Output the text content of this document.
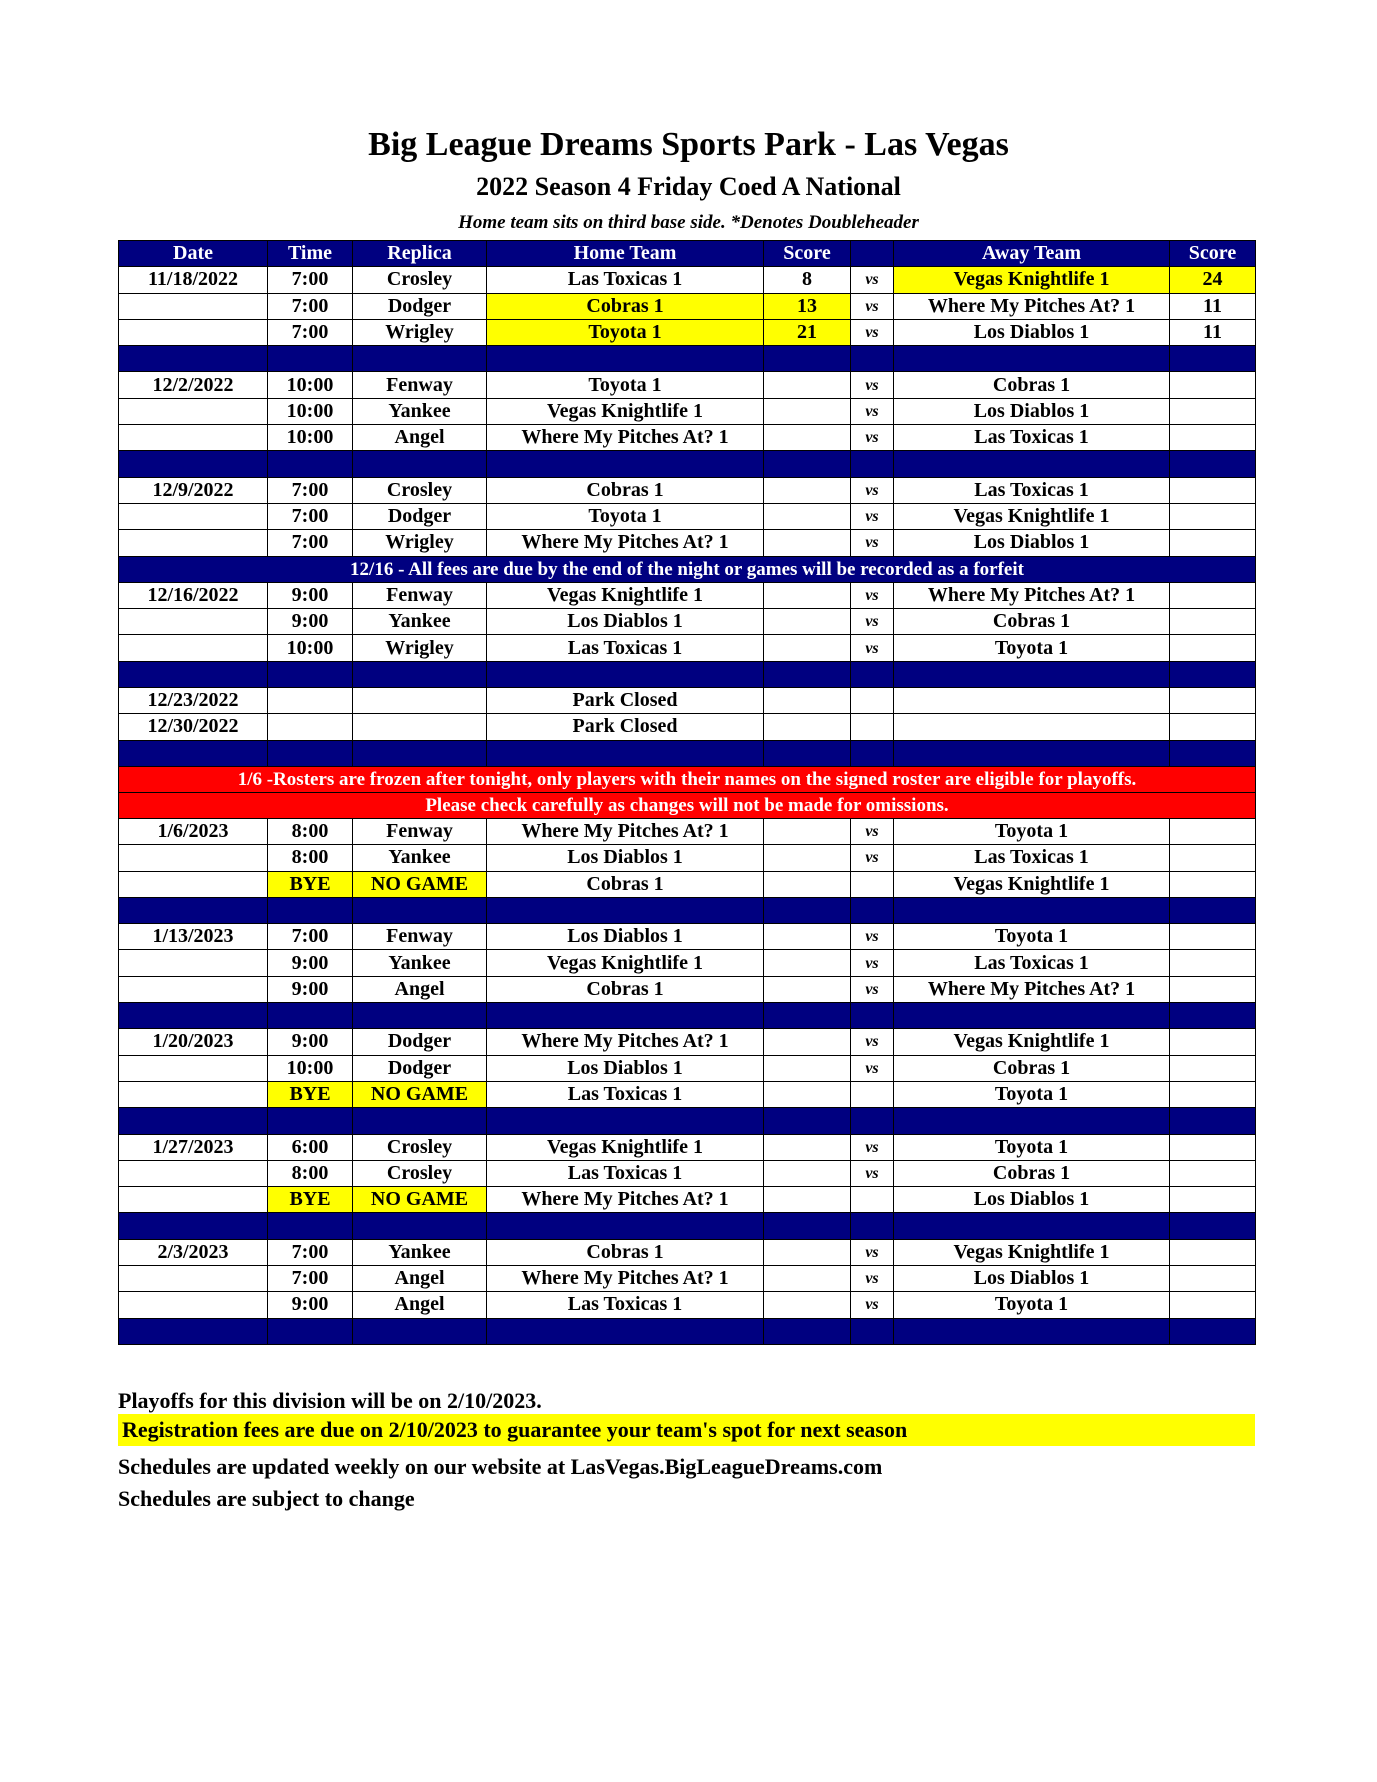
Big League Dreams Sports Park - Las Vegas
2022 Season 4 Friday Coed A National
Home team sits on third base side. *Denotes Doubleheader
Date	Time	Replica	Home Team	Score		Away Team	Score
11/18/2022	7:00	Crosley	Las Toxicas 1	8	vs	Vegas Knightlife 1	24
	7:00	Dodger	Cobras 1	13	vs	Where My Pitches At? 1	11
	7:00	Wrigley	Toyota 1	21	vs	Los Diablos 1	11

12/2/2022	10:00	Fenway	Toyota 1		vs	Cobras 1	
	10:00	Yankee	Vegas Knightlife 1		vs	Los Diablos 1	
	10:00	Angel	Where My Pitches At? 1		vs	Las Toxicas 1	

12/9/2022	7:00	Crosley	Cobras 1		vs	Las Toxicas 1	
	7:00	Dodger	Toyota 1		vs	Vegas Knightlife 1	
	7:00	Wrigley	Where My Pitches At? 1		vs	Los Diablos 1	
12/16 - All fees are due by the end of the night or games will be recorded as a forfeit							
12/16/2022	9:00	Fenway	Vegas Knightlife 1		vs	Where My Pitches At? 1	
	9:00	Yankee	Los Diablos 1		vs	Cobras 1	
	10:00	Wrigley	Las Toxicas 1		vs	Toyota 1	

12/23/2022			Park Closed				
12/30/2022			Park Closed				

1/6 -Rosters are frozen after tonight, only players with their names on the signed roster are eligible for playoffs.							
Please check carefully as changes will not be made for omissions.							
1/6/2023	8:00	Fenway	Where My Pitches At? 1		vs	Toyota 1	
	8:00	Yankee	Los Diablos 1		vs	Las Toxicas 1	
	BYE	NO GAME	Cobras 1			Vegas Knightlife 1	

1/13/2023	7:00	Fenway	Los Diablos 1		vs	Toyota 1	
	9:00	Yankee	Vegas Knightlife 1		vs	Las Toxicas 1	
	9:00	Angel	Cobras 1		vs	Where My Pitches At? 1	

1/20/2023	9:00	Dodger	Where My Pitches At? 1		vs	Vegas Knightlife 1	
	10:00	Dodger	Los Diablos 1		vs	Cobras 1	
	BYE	NO GAME	Las Toxicas 1			Toyota 1	

1/27/2023	6:00	Crosley	Vegas Knightlife 1		vs	Toyota 1	
	8:00	Crosley	Las Toxicas 1		vs	Cobras 1	
	BYE	NO GAME	Where My Pitches At? 1			Los Diablos 1	

2/3/2023	7:00	Yankee	Cobras 1		vs	Vegas Knightlife 1	
	7:00	Angel	Where My Pitches At? 1		vs	Los Diablos 1	
	9:00	Angel	Las Toxicas 1		vs	Toyota 1	

Playoffs for this division will be on 2/10/2023.
Registration fees are due on 2/10/2023 to guarantee your team's spot for next season
Schedules are updated weekly on our website at LasVegas.BigLeagueDreams.com
Schedules are subject to change
